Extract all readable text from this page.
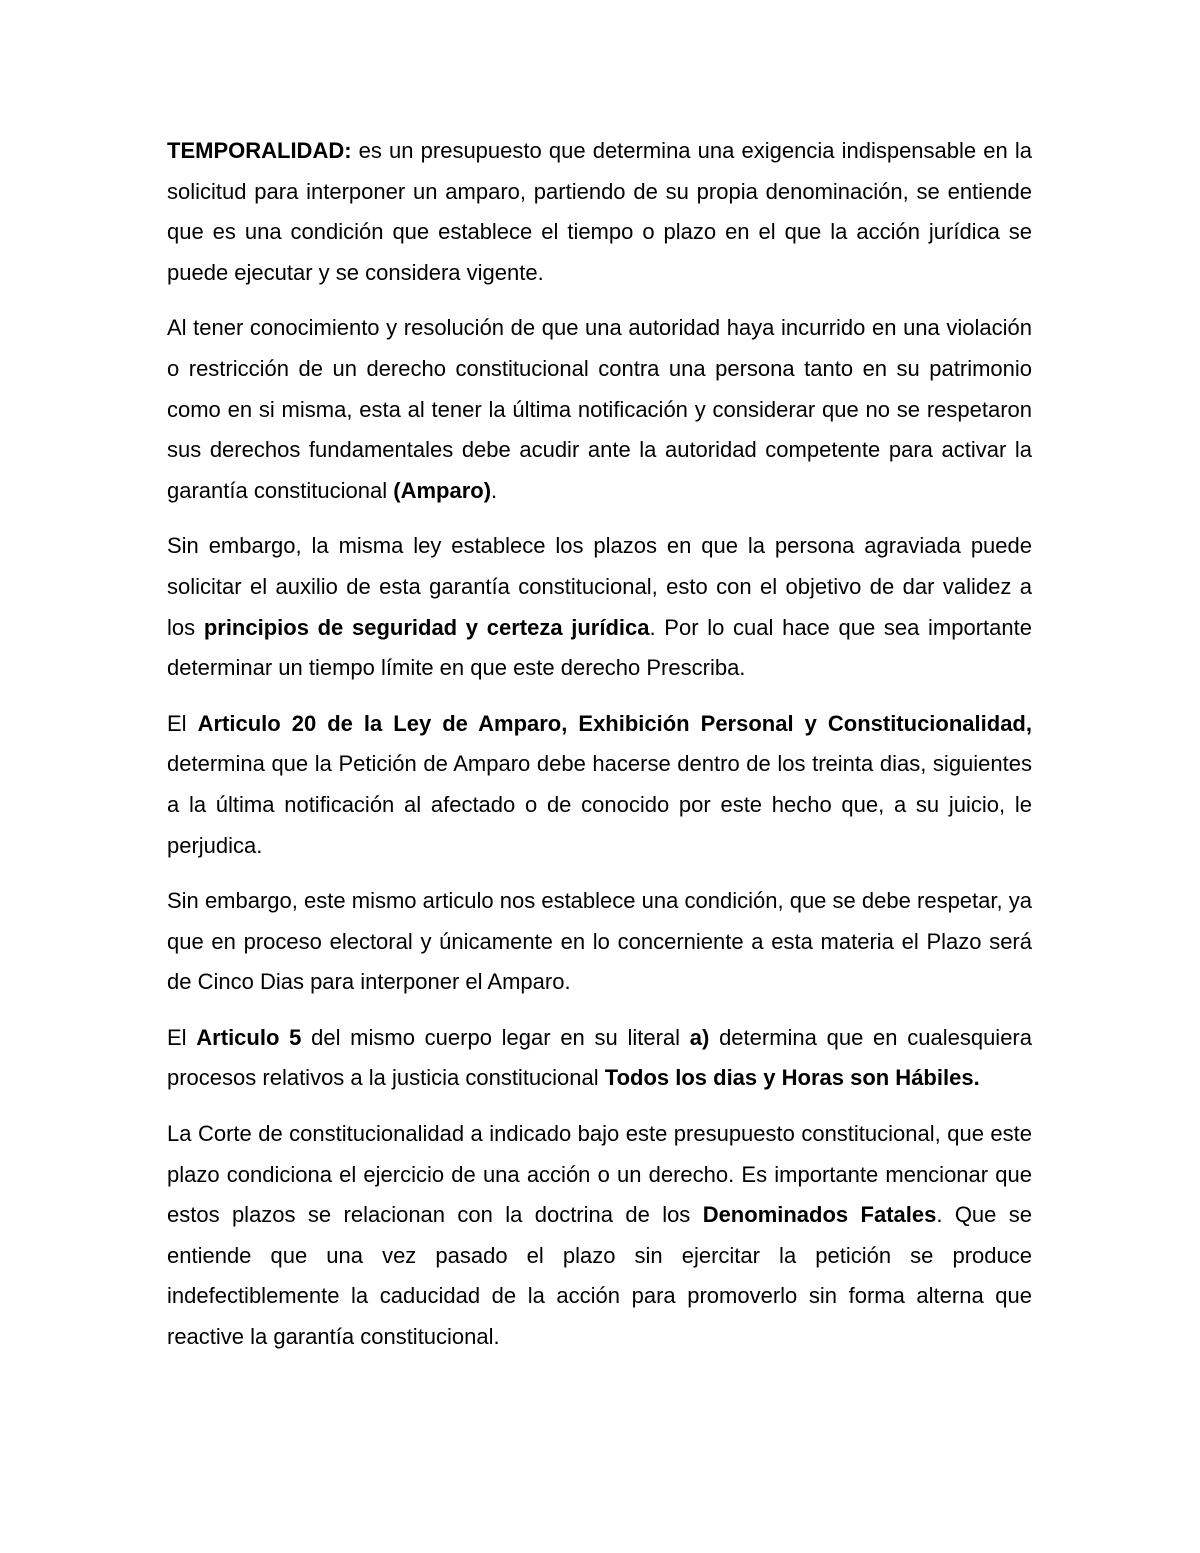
TEMPORALIDAD: es un presupuesto que determina una exigencia indispensable en la solicitud para interponer un amparo, partiendo de su propia denominación, se entiende que es una condición que establece el tiempo o plazo en el que la acción jurídica se puede ejecutar y se considera vigente.

Al tener conocimiento y resolución de que una autoridad haya incurrido en una violación o restricción de un derecho constitucional contra una persona tanto en su patrimonio como en si misma, esta al tener la última notificación y considerar que no se respetaron sus derechos fundamentales debe acudir ante la autoridad competente para activar la garantía constitucional (Amparo).

Sin embargo, la misma ley establece los plazos en que la persona agraviada puede solicitar el auxilio de esta garantía constitucional, esto con el objetivo de dar validez a los principios de seguridad y certeza jurídica. Por lo cual hace que sea importante determinar un tiempo límite en que este derecho Prescriba.

El Articulo 20 de la Ley de Amparo, Exhibición Personal y Constitucionalidad, determina que la Petición de Amparo debe hacerse dentro de los treinta dias, siguientes a la última notificación al afectado o de conocido por este hecho que, a su juicio, le perjudica.

Sin embargo, este mismo articulo nos establece una condición, que se debe respetar, ya que en proceso electoral y únicamente en lo concerniente a esta materia el Plazo será de Cinco Dias para interponer el Amparo.

El Articulo 5 del mismo cuerpo legar en su literal a) determina que en cualesquiera procesos relativos a la justicia constitucional Todos los dias y Horas son Hábiles.

La Corte de constitucionalidad a indicado bajo este presupuesto constitucional, que este plazo condiciona el ejercicio de una acción o un derecho. Es importante mencionar que estos plazos se relacionan con la doctrina de los Denominados Fatales. Que se entiende que una vez pasado el plazo sin ejercitar la petición se produce indefectiblemente la caducidad de la acción para promoverlo sin forma alterna que reactive la garantía constitucional.
